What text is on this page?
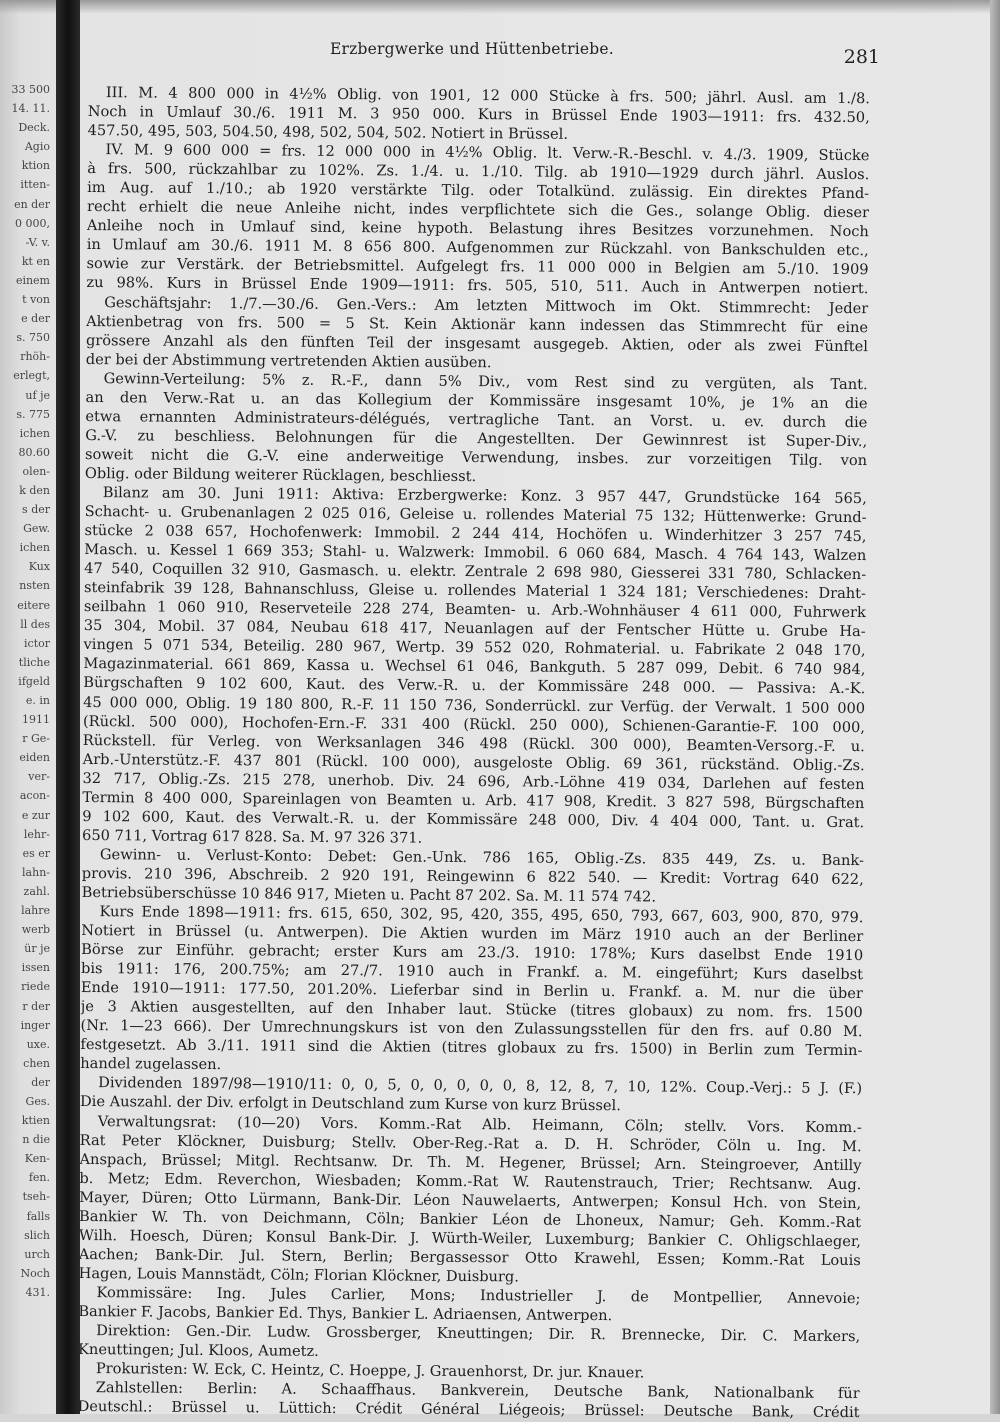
33 500
14. 11.
Deck.
Agio
ktion
itten-
en der
0 000,
-V. v.
kt en
einem
t von
e der
s. 750
rhöh-
erlegt,
uf je
s. 775
ichen
80.60
olen-
k den
s der
Gew.
ichen
Kux
nsten
eitere
ll des
ictor
tliche
ifgeld
e. in
1911
r Ge-
eiden
ver-
acon-
e zur
lehr-
es er
lahn-
zahl.
lahre
werb
ür je
issen
riede
r der
inger
uxe.
chen
der
Ges.
ktien
n die
Ken-
fen.
tseh-
falls
slich
urch
Noch
431.
Erzbergwerke und Hüttenbetriebe.	281
III. M. 4 800 000 in 4½% Oblig. von 1901, 12 000 Stücke à frs. 500; jährl. Ausl. am 1./8.
Noch in Umlauf 30./6. 1911 M. 3 950 000. Kurs in Brüssel Ende 1903—1911: frs. 432.50,
457.50, 495, 503, 504.50, 498, 502, 504, 502. Notiert in Brüssel.
IV. M. 9 600 000 = frs. 12 000 000 in 4½% Oblig. lt. Verw.-R.-Beschl. v. 4./3. 1909, Stücke
à frs. 500, rückzahlbar zu 102%. Zs. 1./4. u. 1./10. Tilg. ab 1910—1929 durch jährl. Auslos.
im Aug. auf 1./10.; ab 1920 verstärkte Tilg. oder Totalkünd. zulässig. Ein direktes Pfand-
recht erhielt die neue Anleihe nicht, indes verpflichtete sich die Ges., solange Oblig. dieser
Anleihe noch in Umlauf sind, keine hypoth. Belastung ihres Besitzes vorzunehmen. Noch
in Umlauf am 30./6. 1911 M. 8 656 800. Aufgenommen zur Rückzahl. von Bankschulden etc.,
sowie zur Verstärk. der Betriebsmittel. Aufgelegt frs. 11 000 000 in Belgien am 5./10. 1909
zu 98%. Kurs in Brüssel Ende 1909—1911: frs. 505, 510, 511. Auch in Antwerpen notiert.
Geschäftsjahr: 1./7.—30./6. Gen.-Vers.: Am letzten Mittwoch im Okt. Stimmrecht: Jeder
Aktienbetrag von frs. 500 = 5 St. Kein Aktionär kann indessen das Stimmrecht für eine
grössere Anzahl als den fünften Teil der insgesamt ausgegeb. Aktien, oder als zwei Fünftel
der bei der Abstimmung vertretenden Aktien ausüben.
Gewinn-Verteilung: 5% z. R.-F., dann 5% Div., vom Rest sind zu vergüten, als Tant.
an den Verw.-Rat u. an das Kollegium der Kommissäre insgesamt 10%, je 1% an die
etwa ernannten Administrateurs-délégués, vertragliche Tant. an Vorst. u. ev. durch die
G.-V. zu beschliess. Belohnungen für die Angestellten. Der Gewinnrest ist Super-Div.,
soweit nicht die G.-V. eine anderweitige Verwendung, insbes. zur vorzeitigen Tilg. von
Oblig. oder Bildung weiterer Rücklagen, beschliesst.
Bilanz am 30. Juni 1911: Aktiva: Erzbergwerke: Konz. 3 957 447, Grundstücke 164 565,
Schacht- u. Grubenanlagen 2 025 016, Geleise u. rollendes Material 75 132; Hüttenwerke: Grund-
stücke 2 038 657, Hochofenwerk: Immobil. 2 244 414, Hochöfen u. Winderhitzer 3 257 745,
Masch. u. Kessel 1 669 353; Stahl- u. Walzwerk: Immobil. 6 060 684, Masch. 4 764 143, Walzen
47 540, Coquillen 32 910, Gasmasch. u. elektr. Zentrale 2 698 980, Giesserei 331 780, Schlacken-
steinfabrik 39 128, Bahnanschluss, Gleise u. rollendes Material 1 324 181; Verschiedenes: Draht-
seilbahn 1 060 910, Reserveteile 228 274, Beamten- u. Arb.-Wohnhäuser 4 611 000, Fuhrwerk
35 304, Mobil. 37 084, Neubau 618 417, Neuanlagen auf der Fentscher Hütte u. Grube Ha-
vingen 5 071 534, Beteilig. 280 967, Wertp. 39 552 020, Rohmaterial. u. Fabrikate 2 048 170,
Magazinmaterial. 661 869, Kassa u. Wechsel 61 046, Bankguth. 5 287 099, Debit. 6 740 984,
Bürgschaften 9 102 600, Kaut. des Verw.-R. u. der Kommissäre 248 000. — Passiva: A.-K.
45 000 000, Oblig. 19 180 800, R.-F. 11 150 736, Sonderrückl. zur Verfüg. der Verwalt. 1 500 000
(Rückl. 500 000), Hochofen-Ern.-F. 331 400 (Rückl. 250 000), Schienen-Garantie-F. 100 000,
Rückstell. für Verleg. von Werksanlagen 346 498 (Rückl. 300 000), Beamten-Versorg.-F. u.
Arb.-Unterstütz.-F. 437 801 (Rückl. 100 000), ausgeloste Oblig. 69 361, rückständ. Oblig.-Zs.
32 717, Oblig.-Zs. 215 278, unerhob. Div. 24 696, Arb.-Löhne 419 034, Darlehen auf festen
Termin 8 400 000, Spareinlagen von Beamten u. Arb. 417 908, Kredit. 3 827 598, Bürgschaften
9 102 600, Kaut. des Verwalt.-R. u. der Kommissäre 248 000, Div. 4 404 000, Tant. u. Grat.
650 711, Vortrag 617 828. Sa. M. 97 326 371.
Gewinn- u. Verlust-Konto: Debet: Gen.-Unk. 786 165, Oblig.-Zs. 835 449, Zs. u. Bank-
provis. 210 396, Abschreib. 2 920 191, Reingewinn 6 822 540. — Kredit: Vortrag 640 622,
Betriebsüberschüsse 10 846 917, Mieten u. Pacht 87 202. Sa. M. 11 574 742.
Kurs Ende 1898—1911: frs. 615, 650, 302, 95, 420, 355, 495, 650, 793, 667, 603, 900, 870, 979.
Notiert in Brüssel (u. Antwerpen). Die Aktien wurden im März 1910 auch an der Berliner
Börse zur Einführ. gebracht; erster Kurs am 23./3. 1910: 178%; Kurs daselbst Ende 1910
bis 1911: 176, 200.75%; am 27./7. 1910 auch in Frankf. a. M. eingeführt; Kurs daselbst
Ende 1910—1911: 177.50, 201.20%. Lieferbar sind in Berlin u. Frankf. a. M. nur die über
je 3 Aktien ausgestellten, auf den Inhaber laut. Stücke (titres globaux) zu nom. frs. 1500
(Nr. 1—23 666). Der Umrechnungskurs ist von den Zulassungsstellen für den frs. auf 0.80 M.
festgesetzt. Ab 3./11. 1911 sind die Aktien (titres globaux zu frs. 1500) in Berlin zum Termin-
handel zugelassen.
Dividenden 1897/98—1910/11: 0, 0, 5, 0, 0, 0, 0, 0, 8, 12, 8, 7, 10, 12%. Coup.-Verj.: 5 J. (F.)
Die Auszahl. der Div. erfolgt in Deutschland zum Kurse von kurz Brüssel.
Verwaltungsrat: (10—20) Vors. Komm.-Rat Alb. Heimann, Cöln; stellv. Vors. Komm.-
Rat Peter Klöckner, Duisburg; Stellv. Ober-Reg.-Rat a. D. H. Schröder, Cöln u. Ing. M.
Anspach, Brüssel; Mitgl. Rechtsanw. Dr. Th. M. Hegener, Brüssel; Arn. Steingroever, Antilly
b. Metz; Edm. Reverchon, Wiesbaden; Komm.-Rat W. Rautenstrauch, Trier; Rechtsanw. Aug.
Mayer, Düren; Otto Lürmann, Bank-Dir. Léon Nauwelaerts, Antwerpen; Konsul Hch. von Stein,
Bankier W. Th. von Deichmann, Cöln; Bankier Léon de Lhoneux, Namur; Geh. Komm.-Rat
Wilh. Hoesch, Düren; Konsul Bank-Dir. J. Würth-Weiler, Luxemburg; Bankier C. Ohligschlaeger,
Aachen; Bank-Dir. Jul. Stern, Berlin; Bergassessor Otto Krawehl, Essen; Komm.-Rat Louis
Hagen, Louis Mannstädt, Cöln; Florian Klöckner, Duisburg.
Kommissäre: Ing. Jules Carlier, Mons; Industrieller J. de Montpellier, Annevoie;
Bankier F. Jacobs, Bankier Ed. Thys, Bankier L. Adriaensen, Antwerpen.
Direktion: Gen.-Dir. Ludw. Grossberger, Kneuttingen; Dir. R. Brennecke, Dir. C. Markers,
Kneuttingen; Jul. Kloos, Aumetz.
Prokuristen: W. Eck, C. Heintz, C. Hoeppe, J. Grauenhorst, Dr. jur. Knauer.
Zahlstellen: Berlin: A. Schaaffhaus. Bankverein, Deutsche Bank, Nationalbank für
Deutschl.: Brüssel u. Lüttich: Crédit Général Liégeois; Brüssel: Deutsche Bank, Crédit
